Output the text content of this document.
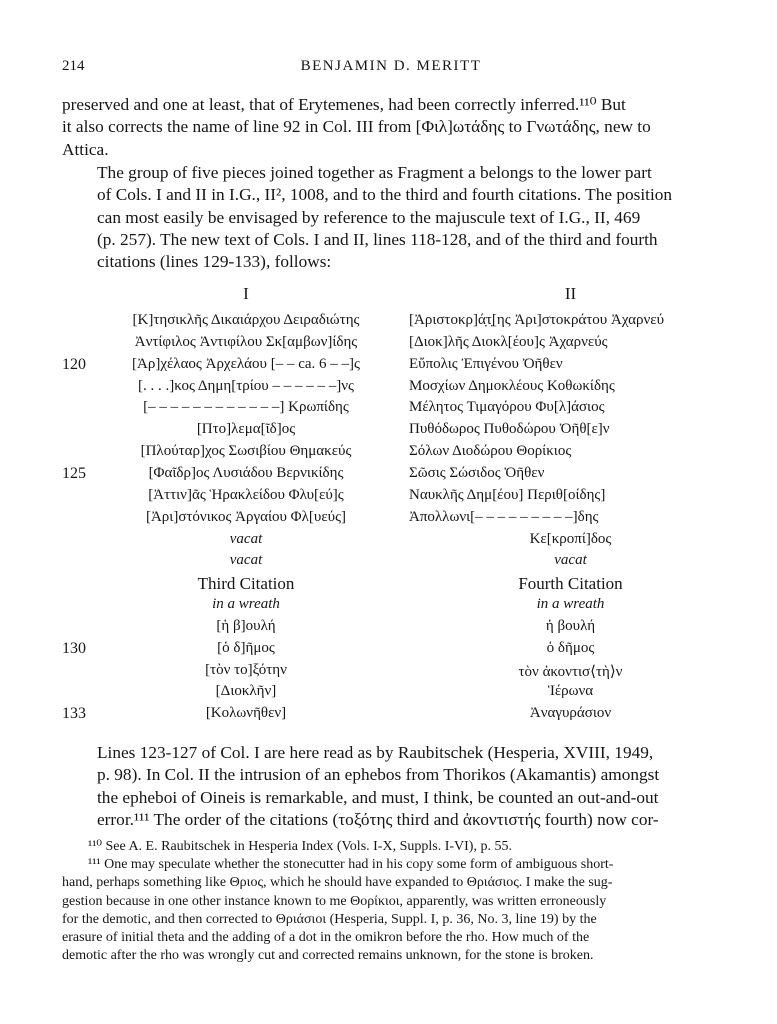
214	BENJAMIN D. MERITT
preserved and one at least, that of Erytemenes, had been correctly inferred.¹¹⁰ But
it also corrects the name of line 92 in Col. III from [Φιλ]ωτάδης to Γνωτάδης, new to
Attica.
The group of five pieces joined together as Fragment a belongs to the lower part
of Cols. I and II in I.G., II², 1008, and to the third and fourth citations. The position
can most easily be envisaged by reference to the majuscule text of I.G., II, 469
(p. 257). The new text of Cols. I and II, lines 118-128, and of the third and fourth
citations (lines 129-133), follows:
I	II
[Κ]τησικλῆς Δικαιάρχου Δειραδιώτης	[Ἀριστοκρ]ά̣τ̣[ης Ἀρι]στοκράτου Ἀχαρνεύ
Ἀντίφιλος Ἀντιφίλου Σκ[αμβων]ίδης	[Διοκ]λῆς Διοκλ[έου]ς Ἀχαρνεύς
120	[Ἀρ]χέλαος Ἀρχελάου [– – ca. 6 – –]ς	Εὔπολις Ἐπιγένου Ὀῆθεν
[. . . .]κος Δημη[τρίου – – – – – –]νς	Μοσχίων Δημοκλέους Κοθωκίδης
[– – – – – – – – – – – –] Κρωπίδης	Μέλητος Τιμαγόρου Φυ[λ]άσιος
[Πτο]λεμα[ῖδ]ος	Πυθόδωρος Πυθοδώρου Ὀῆθ[ε]ν
[Πλούταρ]χος Σωσιβίου Θημακεύς	Σόλων Διοδώρου Θορίκιος
125	[Φαῖδρ]ος Λυσιάδου Βερνικίδης	Σῶσις Σώσιδος Ὀῆθεν
[Ἀττιν]ᾶς Ἡρακλείδου Φλυ[εύ]ς	Ναυκλῆς Δημ[έου] Περιθ[οίδης]
[Ἀρι]στόνικος Ἀργαίου Φλ[υεύς]	Ἀπολλωνι[– – – – – – – – –]δης
vacat	Κε[κροπί]δος
vacat	vacat
Third Citation	Fourth Citation
in a wreath	in a wreath
[ἡ β]ουλή	ἡ βουλή
130	[ὁ δ]ῆμος	ὁ δῆμος
[τὸν το]ξότην	τὸν ἀκοντισ⟨τὴ⟩ν
[Διοκλῆν]	Ἱέρωνα
133	[Κολωνῆθεν]	Ἀναγυράσιον
Lines 123-127 of Col. I are here read as by Raubitschek (Hesperia, XVIII, 1949,
p. 98). In Col. II the intrusion of an ephebos from Thorikos (Akamantis) amongst
the epheboi of Oineis is remarkable, and must, I think, be counted an out-and-out
error.¹¹¹ The order of the citations (τοξότης third and ἀκοντιστής fourth) now cor-
¹¹⁰ See A. E. Raubitschek in Hesperia Index (Vols. I-X, Suppls. I-VI), p. 55.
¹¹¹ One may speculate whether the stonecutter had in his copy some form of ambiguous short-
hand, perhaps something like Θριος, which he should have expanded to Θριάσιος. I make the sug-
gestion because in one other instance known to me Θορίκιοι, apparently, was written erroneously
for the demotic, and then corrected to Θριάσιοι (Hesperia, Suppl. I, p. 36, No. 3, line 19) by the
erasure of initial theta and the adding of a dot in the omikron before the rho. How much of the
demotic after the rho was wrongly cut and corrected remains unknown, for the stone is broken.
